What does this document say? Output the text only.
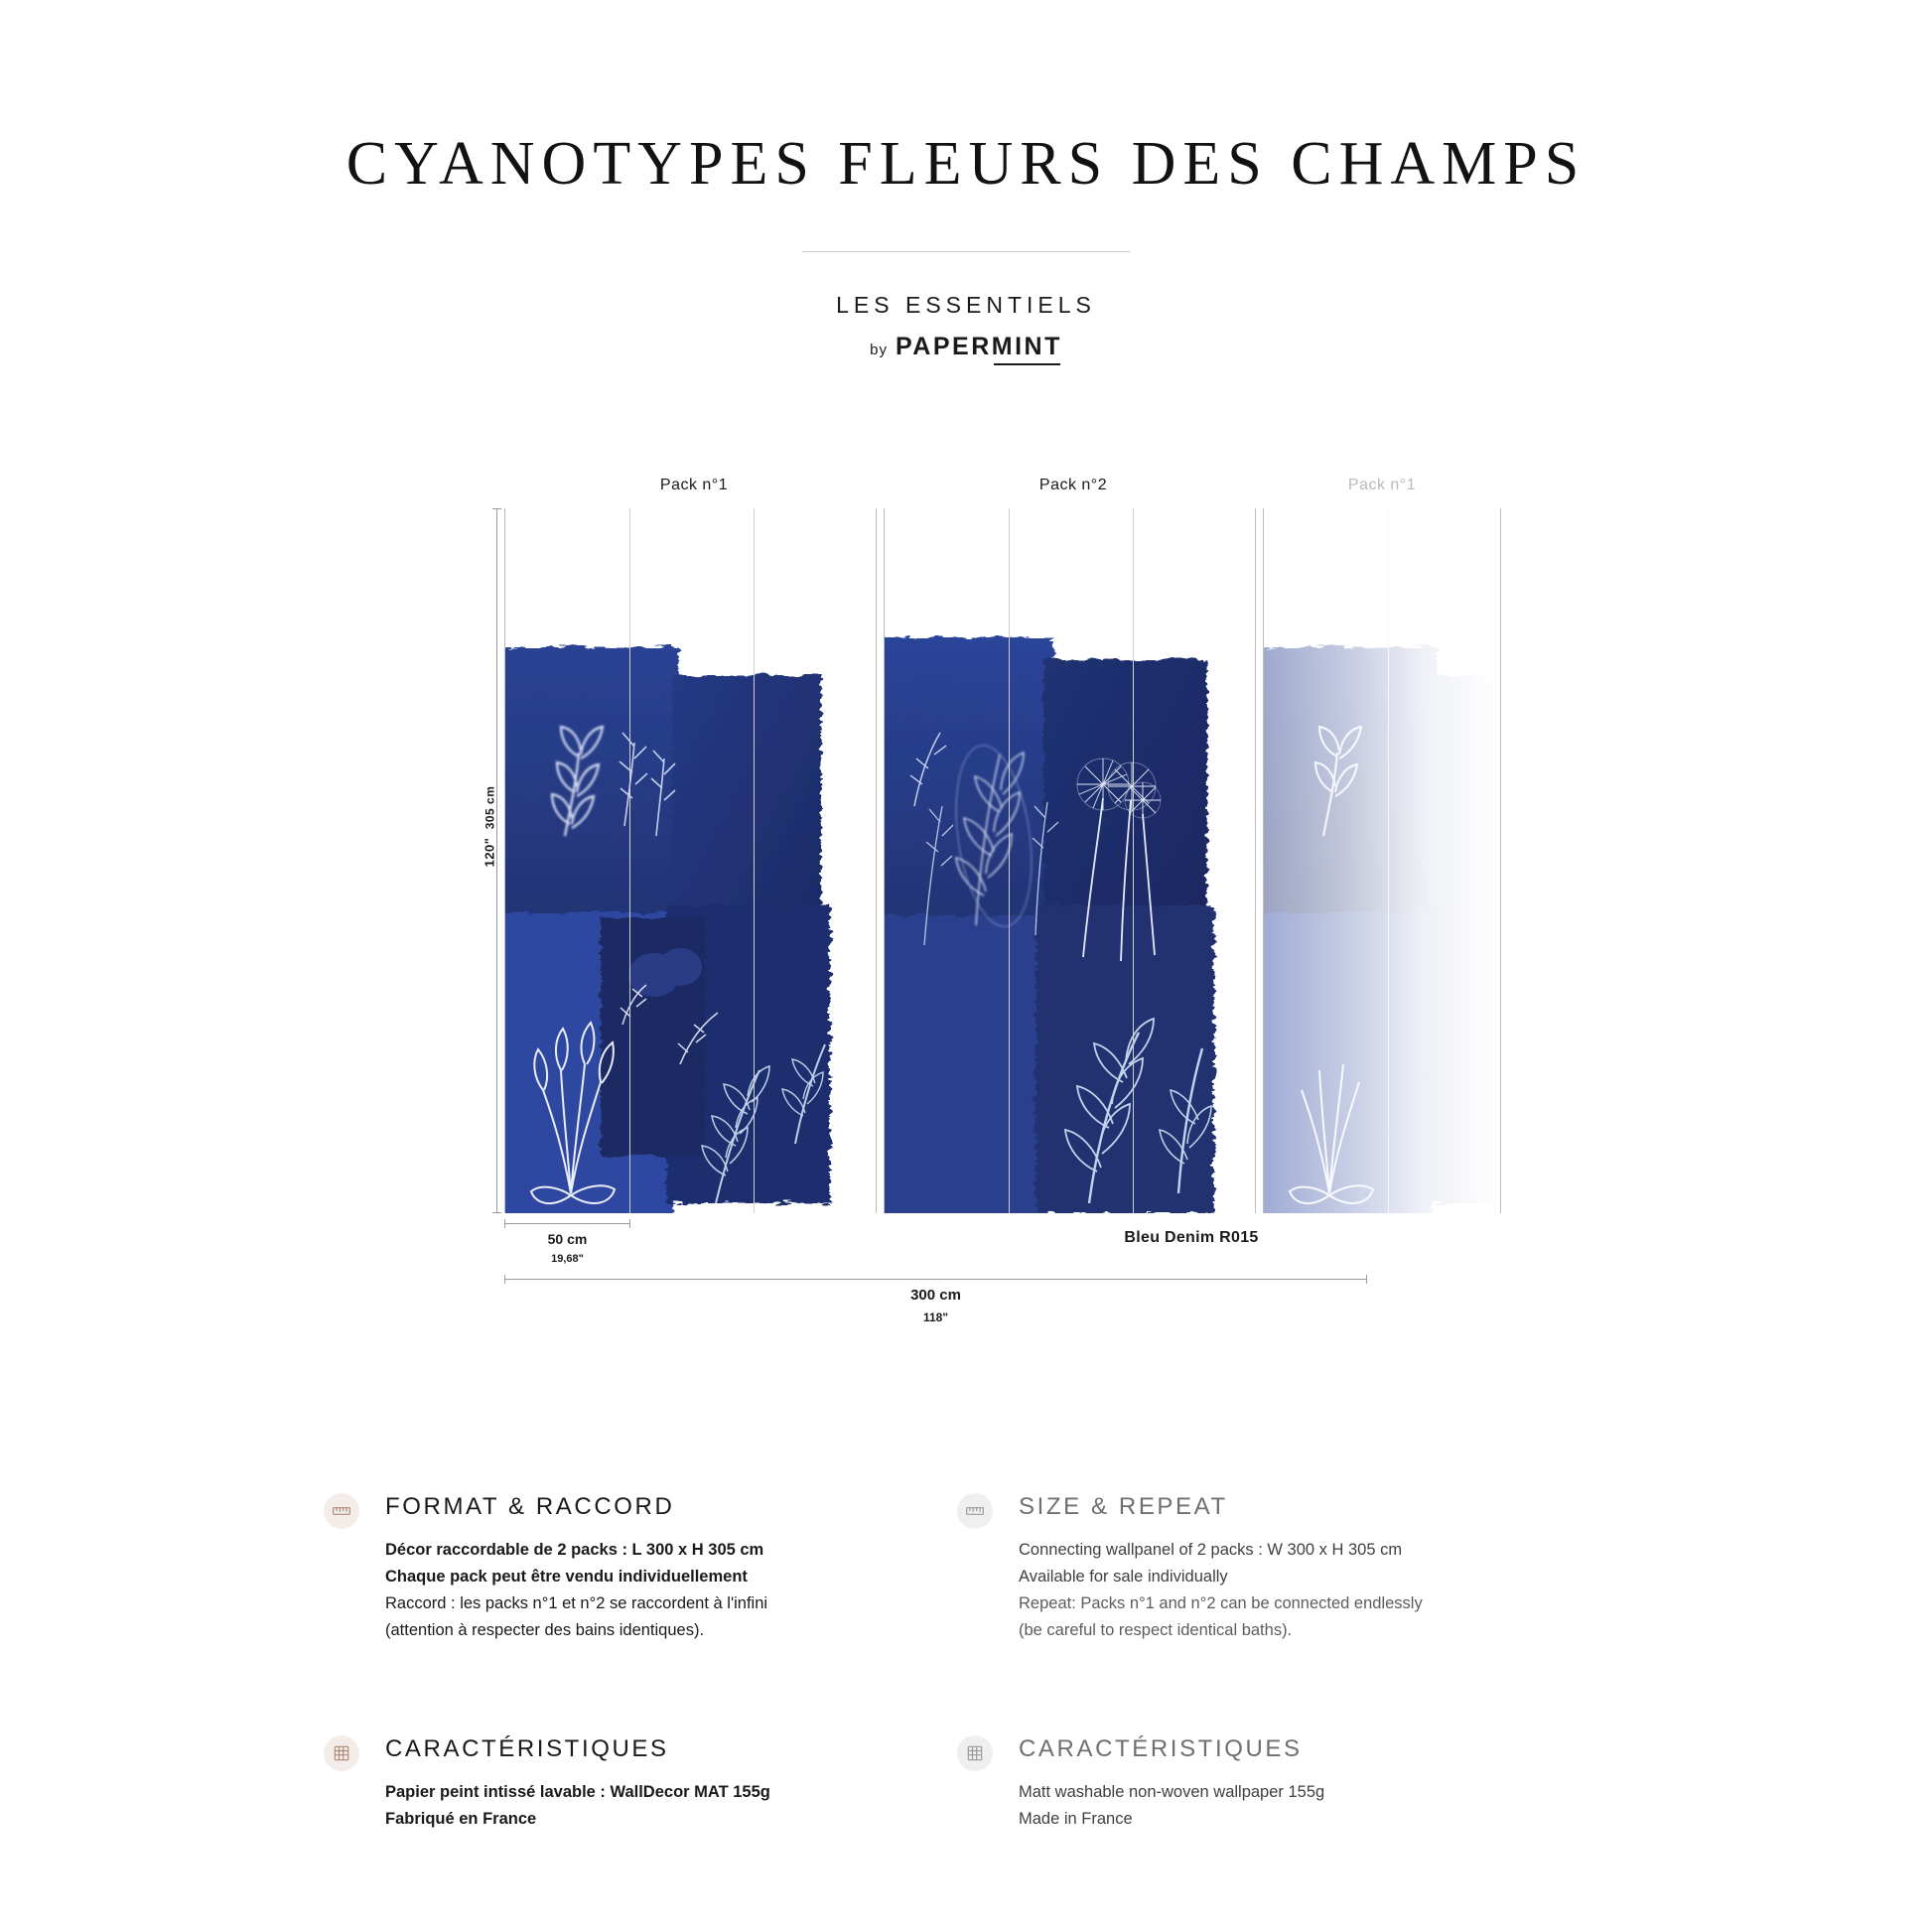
CYANOTYPES FLEURS DES CHAMPS
LES ESSENTIELS
by PAPERMINT
Pack n°1	Pack n°2	Pack n°1
120"  305 cm
50 cm
19,68"
300 cm
118"
Bleu Denim R015
FORMAT & RACCORD

Décor raccordable de 2 packs : L 300 x H 305 cm
Chaque pack peut être vendu individuellement

Raccord : les packs n°1 et n°2 se raccordent à l'infini
(attention à respecter des bains identiques).

CARACTÉRISTIQUES

Papier peint intissé lavable : WallDecor MAT 155g
Fabriqué en France

SIZE & REPEAT

Connecting wallpanel of 2 packs : W 300 x H 305 cm
Available for sale individually

Repeat: Packs n°1 and n°2 can be connected endlessly
(be careful to respect identical baths).

CARACTÉRISTIQUES

Matt washable non-woven wallpaper 155g
Made in France
